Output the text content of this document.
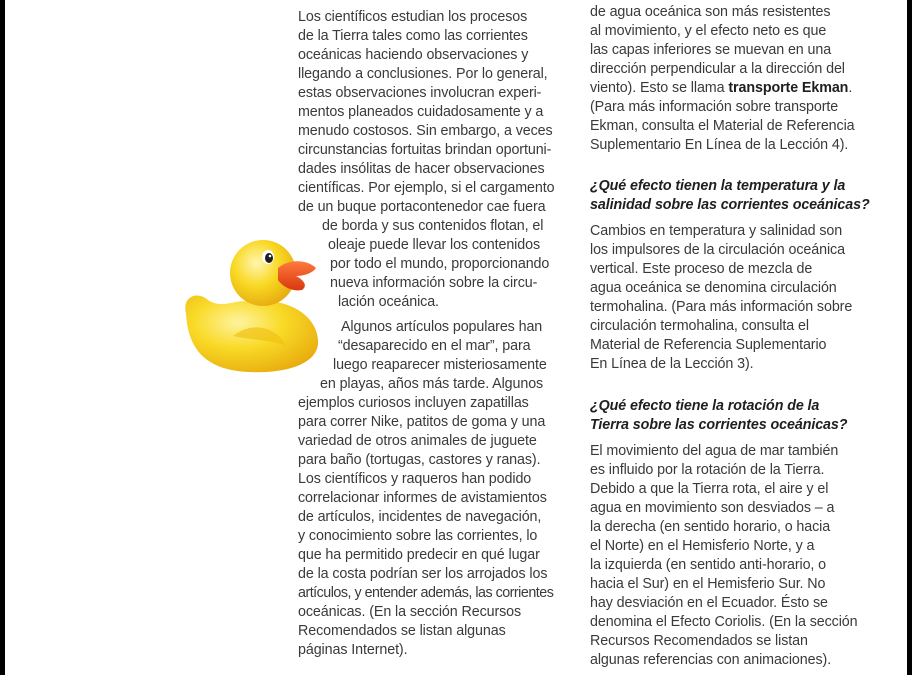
Los científicos estudian los procesos
de la Tierra tales como las corrientes
oceánicas haciendo observaciones y
llegando a conclusiones. Por lo general,
estas observaciones involucran experi-
mentos planeados cuidadosamente y a
menudo costosos. Sin embargo, a veces
circunstancias fortuitas brindan oportuni-
dades insólitas de hacer observaciones
científicas. Por ejemplo, si el cargamento
de un buque portacontenedor cae fuera
de borda y sus contenidos flotan, el
oleaje puede llevar los contenidos
por todo el mundo, proporcionando
nueva información sobre la circu-
lación oceánica.
Algunos artículos populares han
“desaparecido en el mar”, para
luego reaparecer misteriosamente
en playas, años más tarde. Algunos
ejemplos curiosos incluyen zapatillas
para correr Nike, patitos de goma y una
variedad de otros animales de juguete
para baño (tortugas, castores y ranas).
Los científicos y raqueros han podido
correlacionar informes de avistamientos
de artículos, incidentes de navegación,
y conocimiento sobre las corrientes, lo
que ha permitido predecir en qué lugar
de la costa podrían ser los arrojados los
artículos, y entender además, las corrientes
oceánicas. (En la sección Recursos
Recomendados se listan algunas
páginas Internet).
de agua oceánica son más resistentes
al movimiento, y el efecto neto es que
las capas inferiores se muevan en una
dirección perpendicular a la dirección del
viento). Esto se llama transporte Ekman.
(Para más información sobre transporte
Ekman, consulta el Material de Referencia
Suplementario En Línea de la Lección 4).
¿Qué efecto tienen la temperatura y la
salinidad sobre las corrientes oceánicas?
Cambios en temperatura y salinidad son
los impulsores de la circulación oceánica
vertical. Este proceso de mezcla de
agua oceánica se denomina circulación
termohalina. (Para más información sobre
circulación termohalina, consulta el
Material de Referencia Suplementario
En Línea de la Lección 3).
¿Qué efecto tiene la rotación de la
Tierra sobre las corrientes oceánicas?
El movimiento del agua de mar también
es influido por la rotación de la Tierra.
Debido a que la Tierra rota, el aire y el
agua en movimiento son desviados – a
la derecha (en sentido horario, o hacia
el Norte) en el Hemisferio Norte, y a
la izquierda (en sentido anti-horario, o
hacia el Sur) en el Hemisferio Sur. No
hay desviación en el Ecuador. Ésto se
denomina el Efecto Coriolis. (En la sección
Recursos Recomendados se listan
algunas referencias con animaciones).
